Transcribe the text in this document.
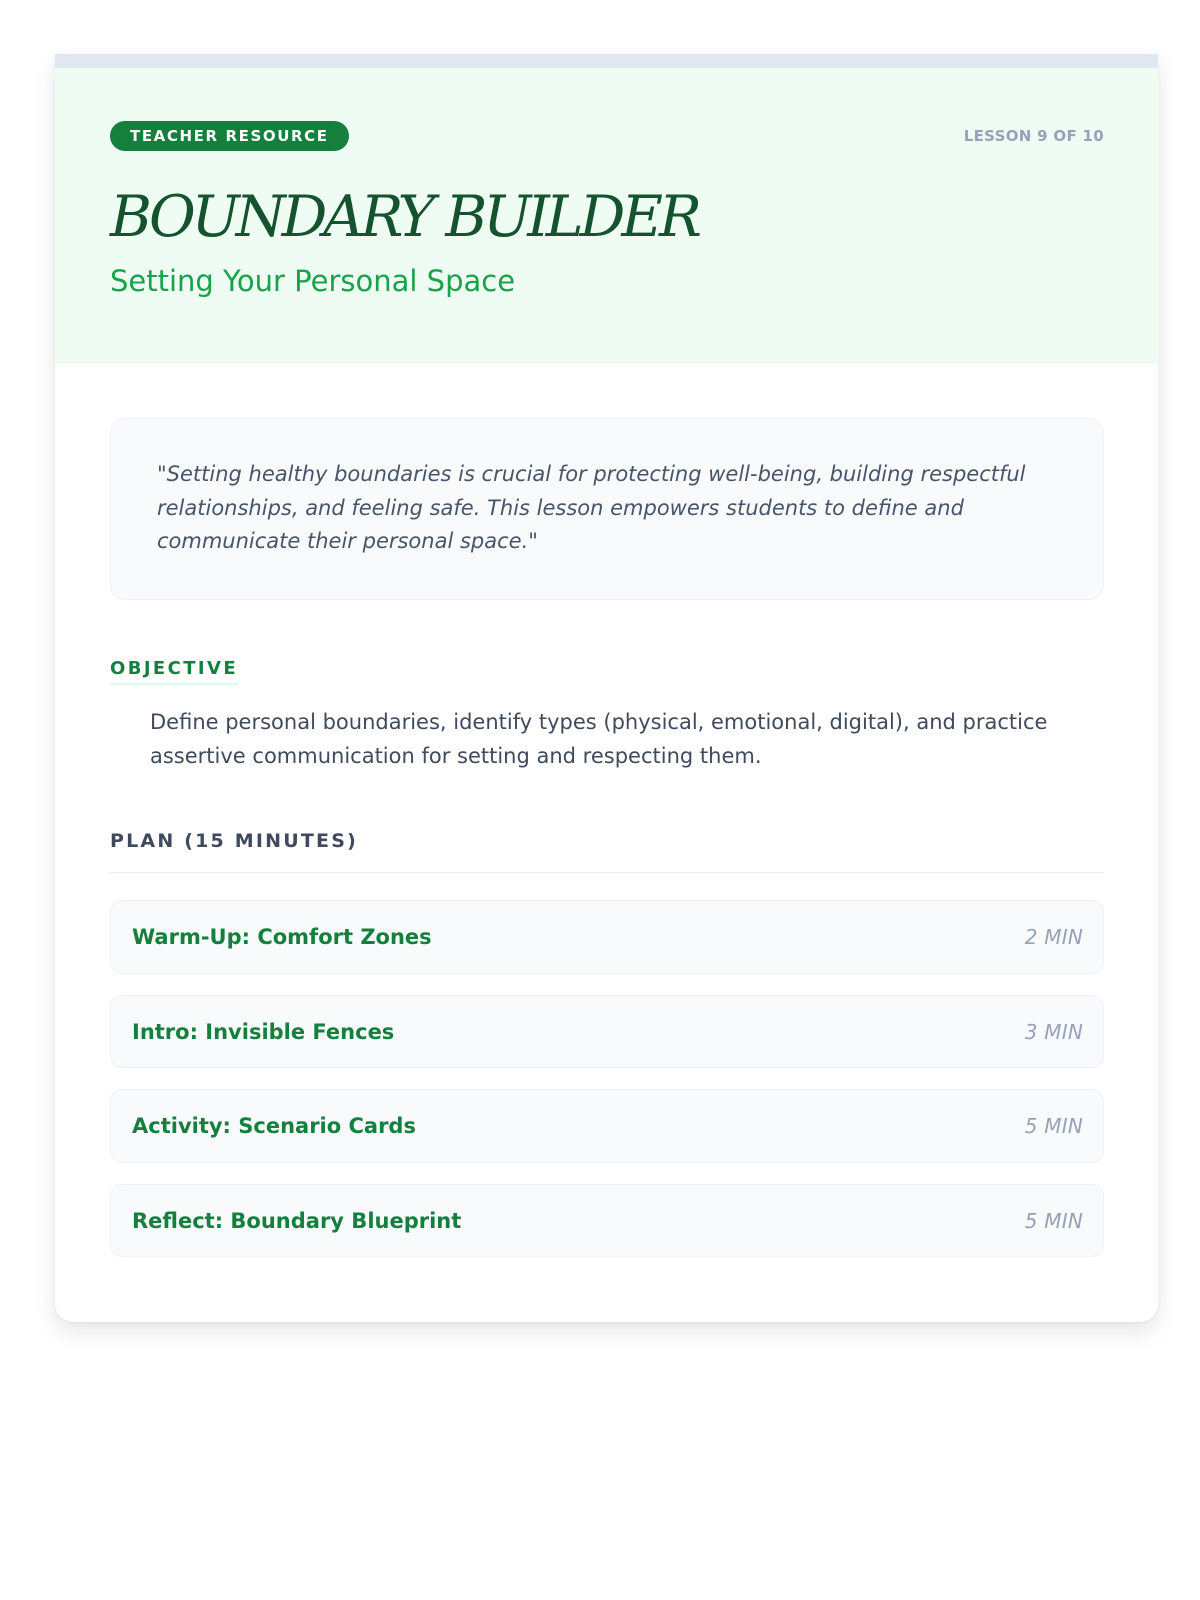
TEACHER RESOURCE	LESSON 9 OF 10
BOUNDARY BUILDER
Setting Your Personal Space

"Setting healthy boundaries is crucial for protecting well-being, building respectful relationships, and feeling safe. This lesson empowers students to define and communicate their personal space."

OBJECTIVE

Define personal boundaries, identify types (physical, emotional, digital), and practice assertive communication for setting and respecting them.

PLAN (15 MINUTES)
Warm-Up: Comfort Zones	2 MIN
Intro: Invisible Fences	3 MIN
Activity: Scenario Cards	5 MIN
Reflect: Boundary Blueprint	5 MIN
